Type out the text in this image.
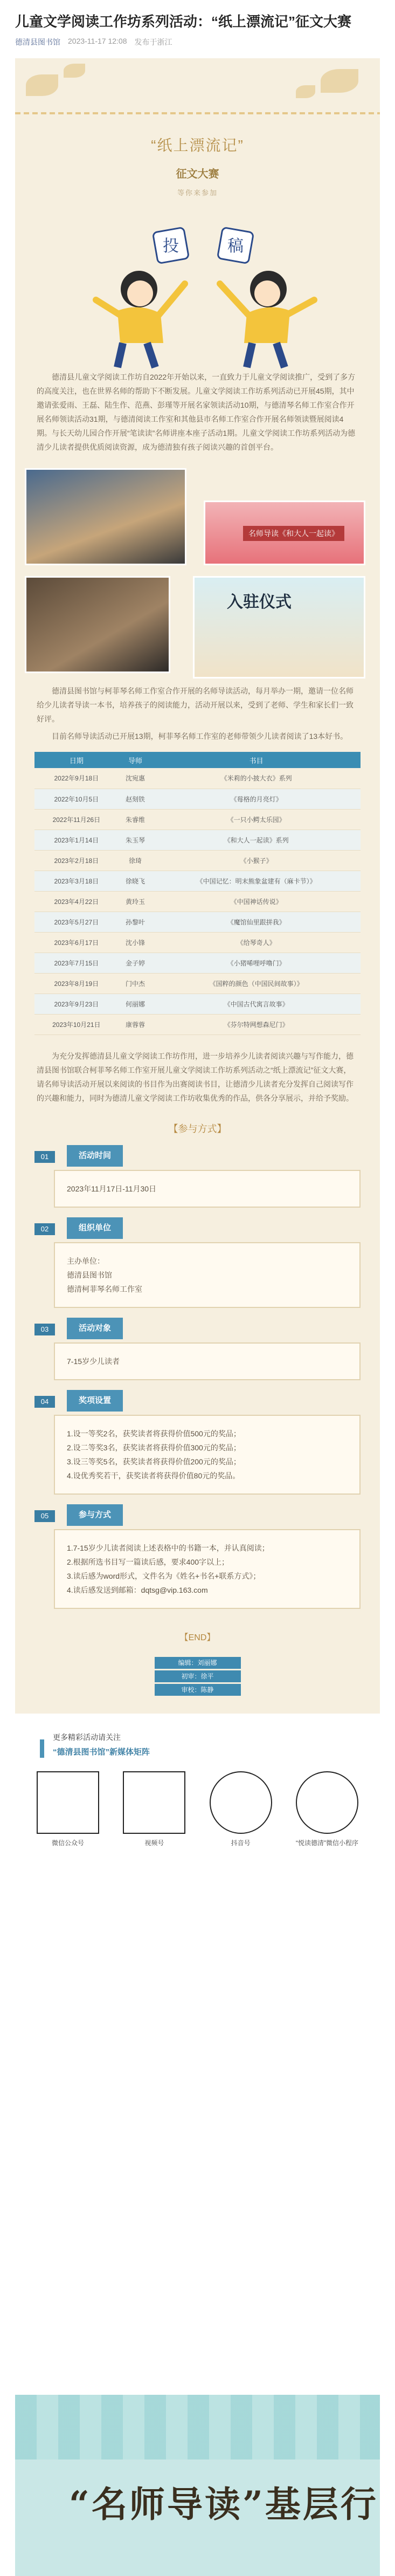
儿童文学阅读工作坊系列活动：“纸上漂流记”征文大赛
德清县图书馆 2023-11-17 12:08 发布于浙江
“纸上漂流记”
征文大赛
等你来参加
投	稿

德清县儿童文学阅读工作坊自2022年开始以来，一直致力于儿童文学阅读推广，受到了多方的高度关注，也在世界名师的帮助下不断发展。儿童文学阅读工作坊系列活动已开展45期，其中邀请张爱雨、王磊、陆生作、范燕、彭瑾等开展名家领读活动10期，与德清琴名师工作室合作开展名师领读活动31期，与德清阅读工作室和其他县市名师工作室合作开展名师领读暨展阅读4期。与长天幼儿园合作开展“笔读读”名师讲座本座子活动1期。儿童文学阅读工作坊系列活动为德清少儿读者提供优质阅读资源，成为德清独有孩子阅读兴趣的首创平台。

名师导读《和大人一起读》
入驻仪式

德清县图书馆与柯菲琴名师工作室合作开展的名师导读活动，每月举办一期，邀请一位名师给少儿读者导读一本书，培养孩子的阅读能力，活动开展以来，受到了老师、学生和家长们一致好评。

目前名师导读活动已开展13期，柯菲琴名师工作室的老师带领少儿读者阅读了13本好书。

日期	导师	书目
2022年9月18日	沈宛惠	《米莉的小披大衣》系列
2022年10月5日	赵刻铁	《莓格的月亮灯》
2022年11月26日	朱睿维	《一只小鳄太乐园》
2023年1月14日	朱玉琴	《和大人一起读》系列
2023年2月18日	徐琦	《小猴子》
2023年3月18日	徐晓飞	《中国记忆：明末熊象盆建有（麻卡节）》
2023年4月22日	黄玲玉	《中国神话传说》
2023年5月27日	孙黎叶	《魔馆仙里跟拼我》
2023年6月17日	沈小锋	《给琴奇人》
2023年7月15日	金子婷	《小猪唏哩呼噜门》
2023年8月19日	门中杰	《国粹的颜色（中国民间故事）》
2023年9月23日	何丽娜	《中国古代寓言故事》
2023年10月21日	康蓉蓉	《芬尔特网想森尼门》

为充分发挥德清县儿童文学阅读工作坊作用，进一步培养少儿读者阅读兴趣与写作能力，德清县图书馆联合柯菲琴名师工作室开展儿童文学阅读工作坊系列活动之“纸上漂流记”征文大赛，请名师导读活动开展以来阅读的书目作为出赛阅读书目，让德清少儿读者充分发挥自己阅读写作的兴趣和能力，同时为德清儿童文学阅读工作坊收集优秀的作品，供各分享展示，并给予奖励。

【参与方式】
01	活动时间
2023年11月17日-11月30日
02	组织单位
主办单位：
德清县图书馆
德清柯菲琴名师工作室
03	活动对象
7-15岁少儿读者
04	奖项设置
1.设一等奖2名，获奖读者将获得价值500元的奖品；
2.设二等奖3名，获奖读者将获得价值300元的奖品；
3.设三等奖5名，获奖读者将获得价值200元的奖品；
4.设优秀奖若干，获奖读者将获得价值80元的奖品。
05	参与方式
1.7-15岁少儿读者阅读上述表格中的书籍一本，并认真阅读；
2.根据所选书目写一篇读后感，要求400字以上；
3.读后感为word形式，文件名为《姓名+书名+联系方式》；
4.读后感发送到邮箱：dqtsg@vip.163.com
【END】
编辑：刘丽娜
初审：徐平
审校：陈静
更多精彩活动请关注
“德清县图书馆”新媒体矩阵
微信公众号	视频号	抖音号	“悦读德清”微信小程序
“名师导读”基层行
